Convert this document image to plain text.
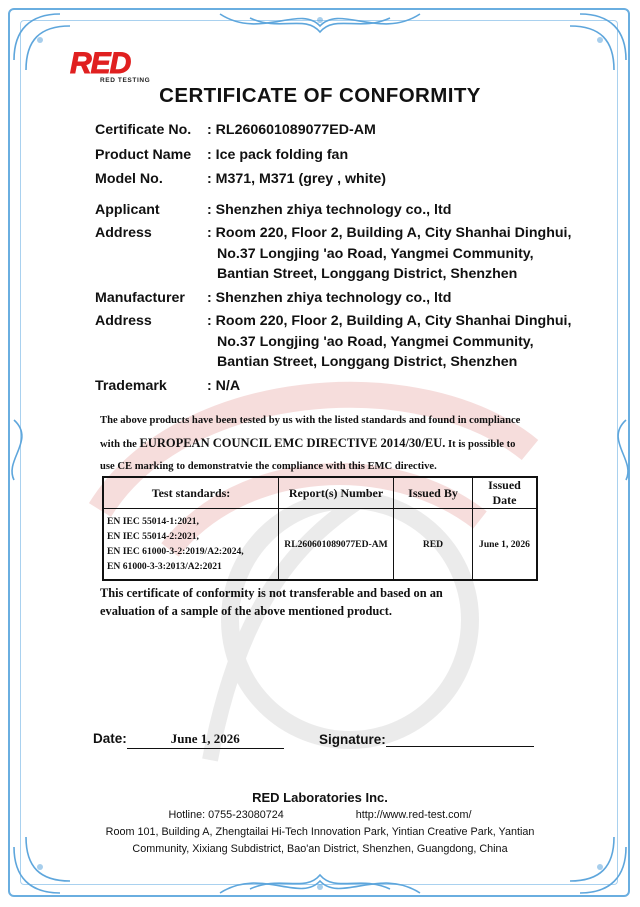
RED
RED TESTING
CERTIFICATE OF CONFORMITY
Certificate No.	: RL260601089077ED-AM
Product Name	: Ice pack folding fan
Model No.	: M371, M371 (grey , white)
Applicant	: Shenzhen zhiya technology co., ltd
Address	: Room 220, Floor 2, Building A, City Shanhai Dinghui,
No.37 Longjing 'ao Road, Yangmei Community,
Bantian Street, Longgang District, Shenzhen
Manufacturer	: Shenzhen zhiya technology co., ltd
Address	: Room 220, Floor 2, Building A, City Shanhai Dinghui,
No.37 Longjing 'ao Road, Yangmei Community,
Bantian Street, Longgang District, Shenzhen
Trademark	: N/A
The above products have been tested by us with the listed standards and found in compliance
with the EUROPEAN COUNCIL EMC DIRECTIVE 2014/30/EU. It is possible to
use CE marking to demonstratvie the compliance with this EMC directive.
Test standards:	Report(s) Number	Issued By	Issued Date

EN IEC 55014-1:2021,
EN IEC 55014-2:2021,
EN IEC 61000-3-2:2019/A2:2024,
EN 61000-3-3:2013/A2:2021	RL260601089077ED-AM	RED	June 1, 2026
This certificate of conformity is not transferable and based on an
evaluation of a sample of the above mentioned product.
Date:	June 1, 2026	Signature:
RED Laboratories Inc.
Hotline: 0755-23080724                        http://www.red-test.com/
Room 101, Building A, Zhengtailai Hi-Tech Innovation Park, Yintian Creative Park, Yantian
Community, Xixiang Subdistrict, Bao'an District, Shenzhen, Guangdong, China
